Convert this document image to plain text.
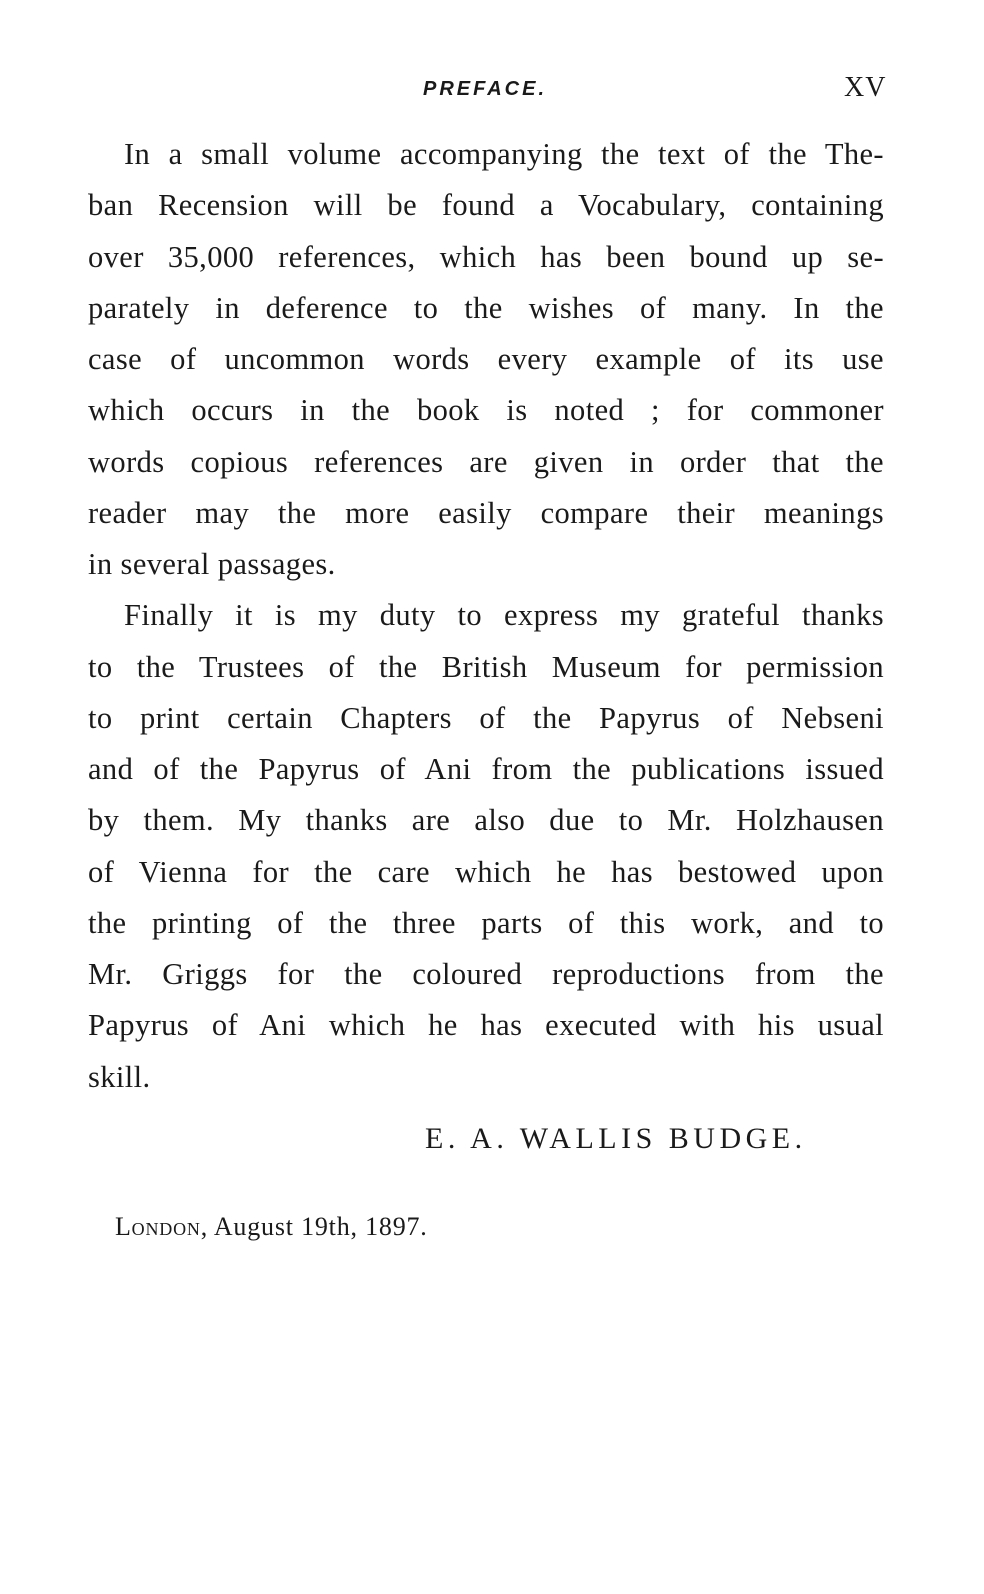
PREFACE.	XV
In a small volume accompanying the text of the The-
ban Recension will be found a Vocabulary, containing
over 35,000 references, which has been bound up se-
parately in deference to the wishes of many. In the
case of uncommon words every example of its use
which occurs in the book is noted ; for commoner
words copious references are given in order that the
reader may the more easily compare their meanings
in several passages.
Finally it is my duty to express my grateful thanks
to the Trustees of the British Museum for permission
to print certain Chapters of the Papyrus of Nebseni
and of the Papyrus of Ani from the publications issued
by them. My thanks are also due to Mr. Holzhausen
of Vienna for the care which he has bestowed upon
the printing of the three parts of this work, and to
Mr. Griggs for the coloured reproductions from the
Papyrus of Ani which he has executed with his usual
skill.
E. A. WALLIS BUDGE.
London, August 19th, 1897.
